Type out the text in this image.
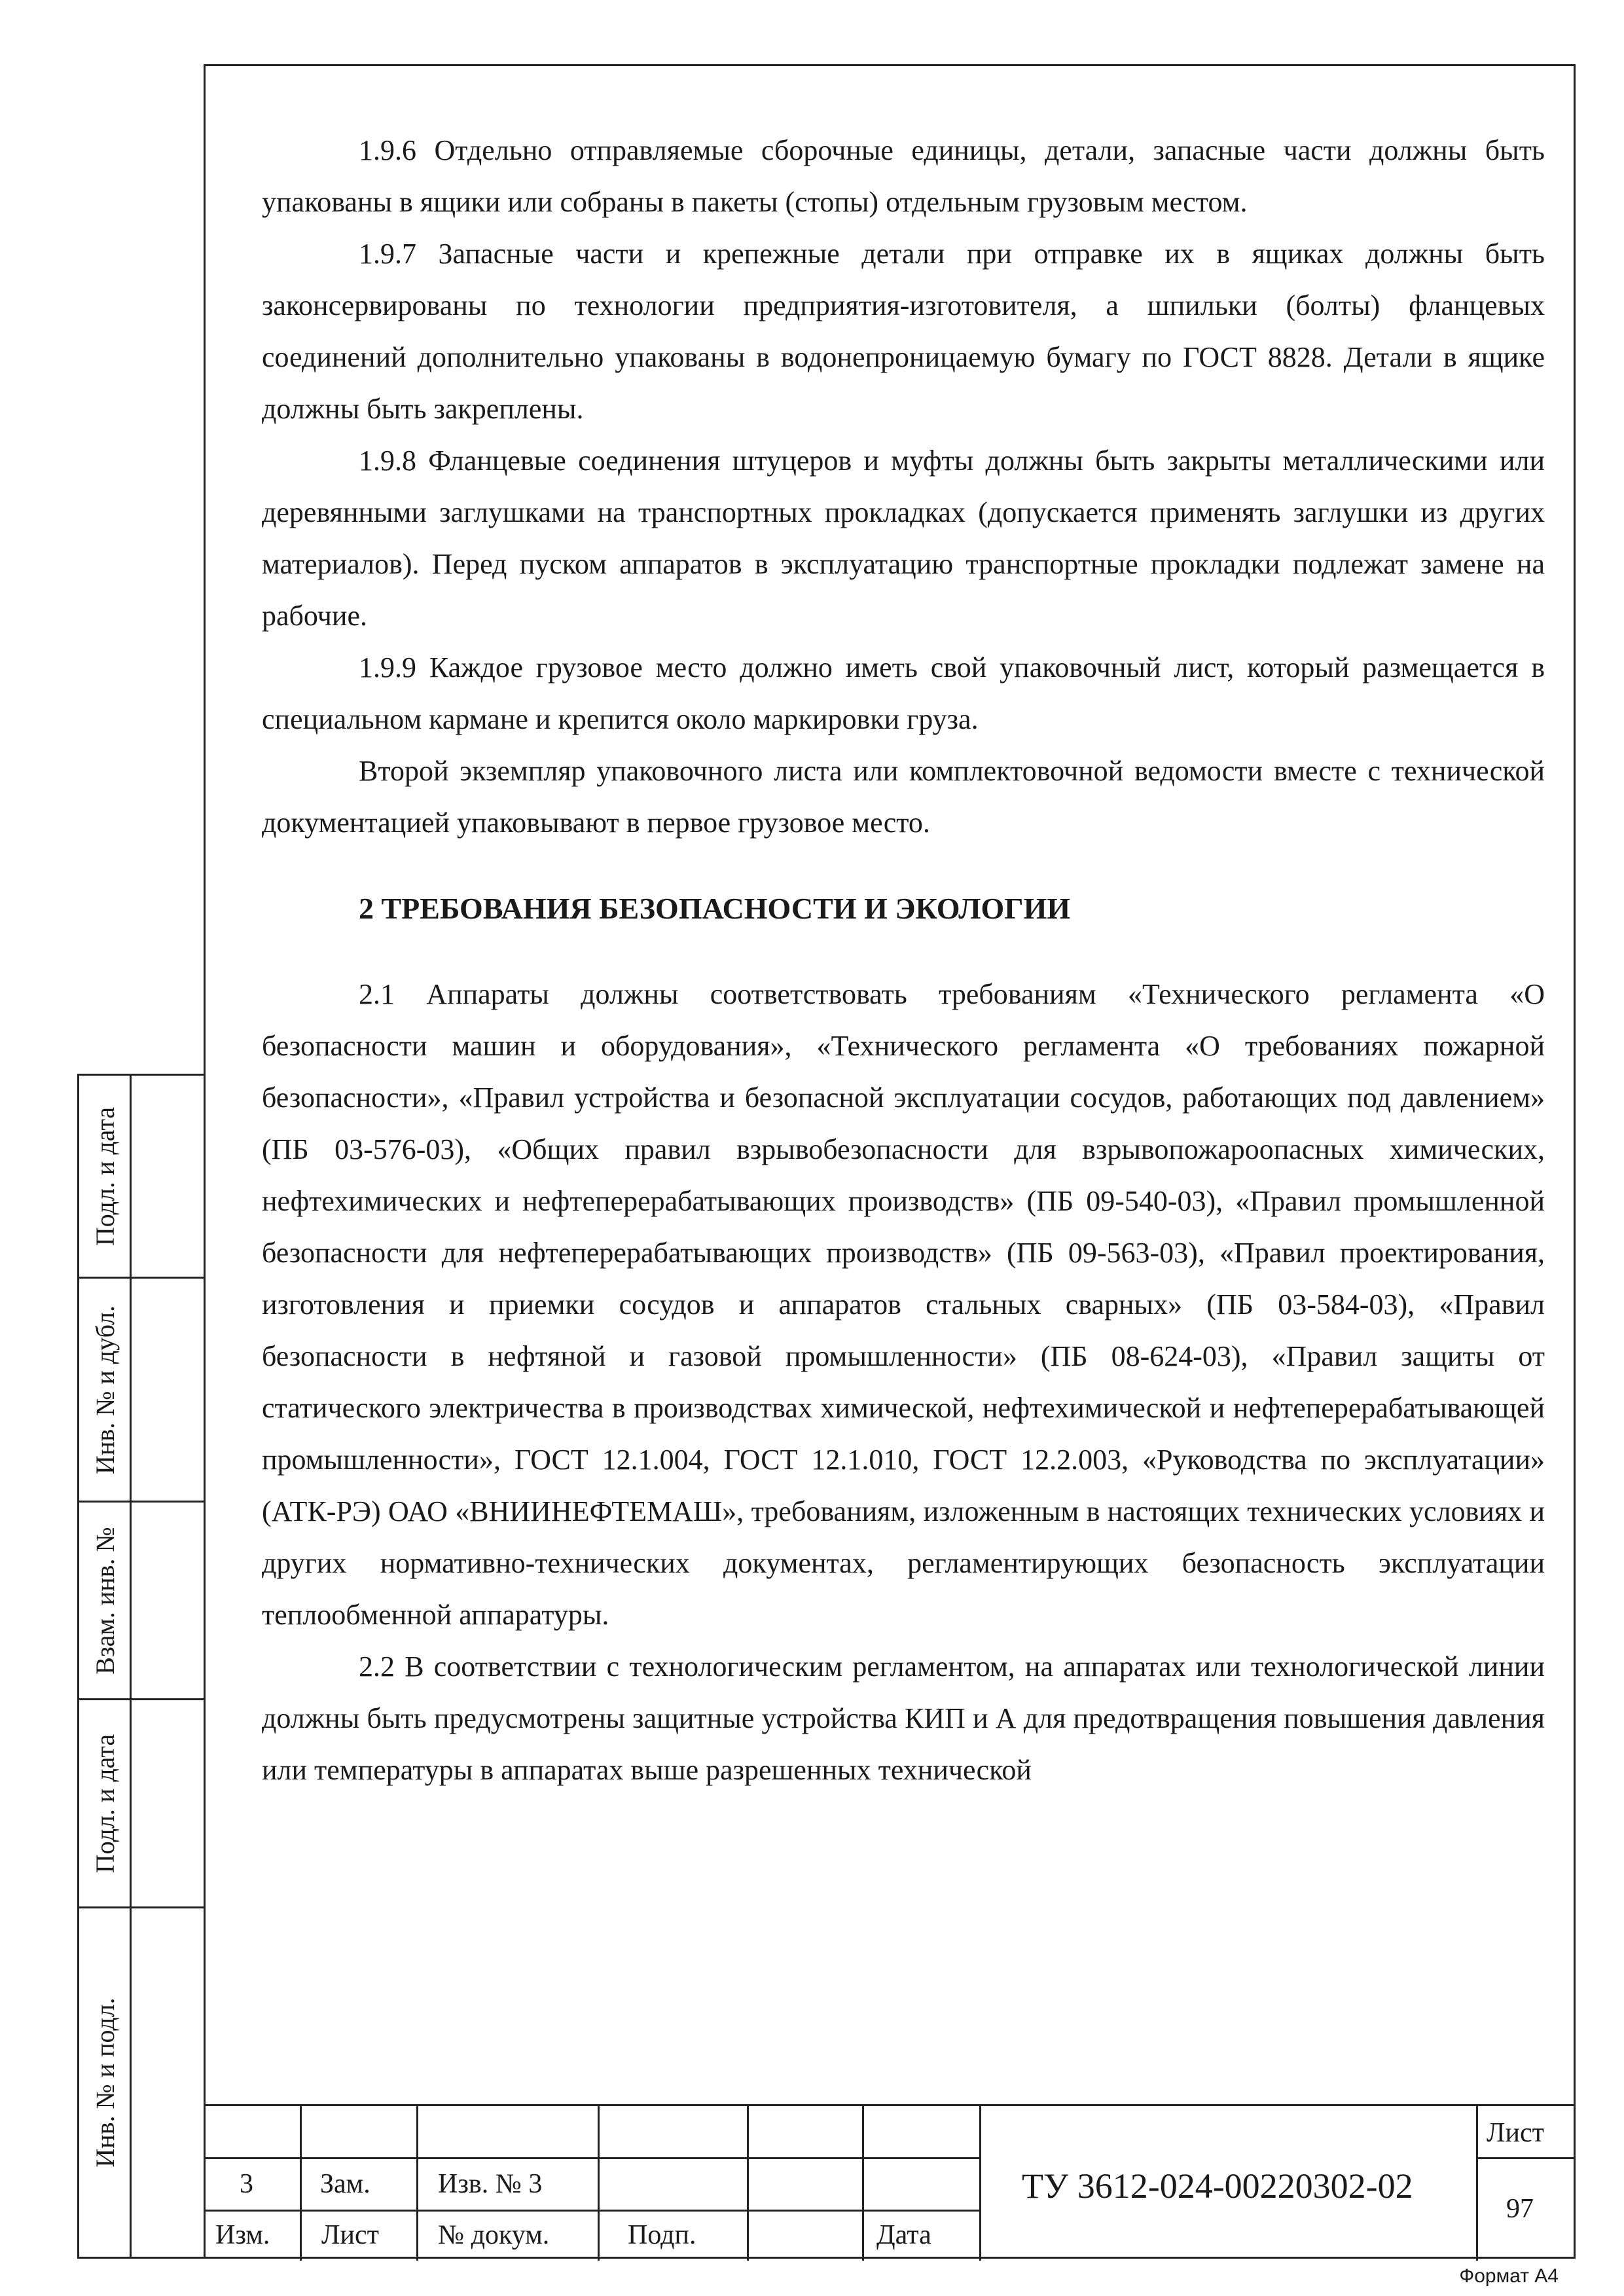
1.9.6 Отдельно отправляемые сборочные единицы, детали, запасные части должны быть упакованы в ящики или собраны в пакеты (стопы) отдельным грузовым местом.

1.9.7 Запасные части и крепежные детали при отправке их в ящиках должны быть законсервированы по технологии предприятия-изготовителя, а шпильки (болты) фланцевых соединений дополнительно упакованы в водонепроницаемую бумагу по ГОСТ 8828. Детали в ящике должны быть закреплены.

1.9.8 Фланцевые соединения штуцеров и муфты должны быть закрыты металлическими или деревянными заглушками на транспортных прокладках (допускается применять заглушки из других материалов). Перед пуском аппаратов в эксплуатацию транспортные прокладки подлежат замене на рабочие.

1.9.9 Каждое грузовое место должно иметь свой упаковочный лист, который размещается в специальном кармане и крепится около маркировки груза.

Второй экземпляр упаковочного листа или комплектовочной ведомости вместе с технической документацией упаковывают в первое грузовое место.

2 ТРЕБОВАНИЯ БЕЗОПАСНОСТИ И ЭКОЛОГИИ

2.1 Аппараты должны соответствовать требованиям «Технического регламента «О безопасности машин и оборудования», «Технического регламента «О требованиях пожарной безопасности», «Правил устройства и безопасной эксплуатации сосудов, работающих под давлением» (ПБ 03-576-03), «Общих правил взрывобезопасности для взрывопожароопасных химических, нефтехимических и нефтеперерабатывающих производств» (ПБ 09-540-03), «Правил промышленной безопасности для нефтеперерабатывающих производств» (ПБ 09-563-03), «Правил проектирования, изготовления и приемки сосудов и аппаратов стальных сварных» (ПБ 03-584-03), «Правил безопасности в нефтяной и газовой промышленности» (ПБ 08-624-03), «Правил защиты от статического электричества в производствах химической, нефтехимической и нефтеперерабатывающей промышленности», ГОСТ 12.1.004, ГОСТ 12.1.010, ГОСТ 12.2.003, «Руководства по эксплуатации» (АТК-РЭ) ОАО «ВНИИНЕФТЕМАШ», требованиям, изложенным в настоящих технических условиях и других нормативно-технических документах, регламентирующих безопасность эксплуатации теплообменной аппаратуры.

2.2 В соответствии с технологическим регламентом, на аппаратах или технологической линии должны быть предусмотрены защитные устройства КИП и А для предотвращения повышения давления или температуры в аппаратах выше разрешенных технической

Подл. и дата
Инв. № и дубл.
Взам. инв. №
Подл. и дата
Инв. № и подл.
3 Зам. Изв. № 3
Изм. Лист № докум.	Подп.	Дата
ТУ 3612-024-00220302-02
Лист
97
Формат А4
